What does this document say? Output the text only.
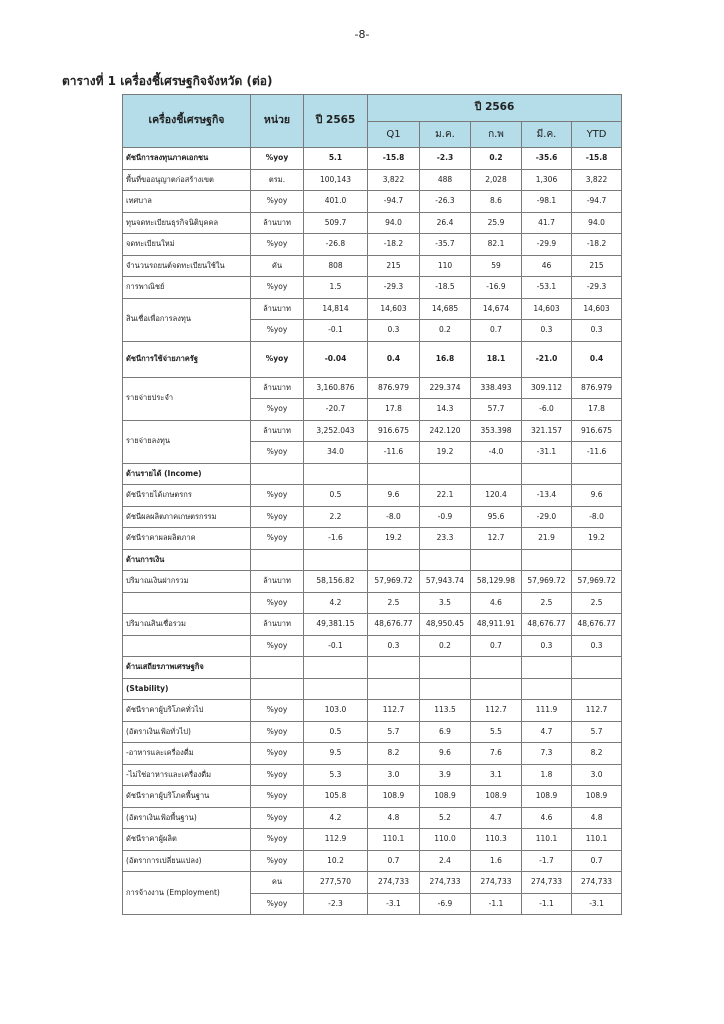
-8-
ตารางที่ 1 เครื่องชี้เศรษฐกิจจังหวัด (ต่อ)
เครื่องชี้เศรษฐกิจ	หน่วย	ปี 2565	ปี 2566					
			Q1	ม.ค.	ก.พ	มี.ค.	YTD	
ดัชนีการลงทุนภาคเอกชน	%yoy	5.1	-15.8	-2.3	0.2	-35.6	-15.8	
พื้นที่ขออนุญาตก่อสร้างเขต	ตรม.	100,143	3,822	488	2,028	1,306	3,822	
เทศบาล	%yoy	401.0	-94.7	-26.3	8.6	-98.1	-94.7	
ทุนจดทะเบียนธุรกิจนิติบุคคล	ล้านบาท	509.7	94.0	26.4	25.9	41.7	94.0	
จดทะเบียนใหม่	%yoy	-26.8	-18.2	-35.7	82.1	-29.9	-18.2	
จำนวนรถยนต์จดทะเบียนใช้ใน	คัน	808	215	110	59	46	215	
การพาณิชย์	%yoy	1.5	-29.3	-18.5	-16.9	-53.1	-29.3	
สินเชื่อเพื่อการลงทุน	ล้านบาท	14,814	14,603	14,685	14,674	14,603	14,603	
	%yoy	-0.1	0.3	0.2	0.7	0.3	0.3	
ดัชนีการใช้จ่ายภาครัฐ	%yoy	-0.04	0.4	16.8	18.1	-21.0	0.4	
รายจ่ายประจำ	ล้านบาท	3,160.876	876.979	229.374	338.493	309.112	876.979	
	%yoy	-20.7	17.8	14.3	57.7	-6.0	17.8	
รายจ่ายลงทุน	ล้านบาท	3,252.043	916.675	242.120	353.398	321.157	916.675	
	%yoy	34.0	-11.6	19.2	-4.0	-31.1	-11.6	
ด้านรายได้ (Income)								
ดัชนีรายได้เกษตรกร	%yoy	0.5	9.6	22.1	120.4	-13.4	9.6	
ดัชนีผลผลิตภาคเกษตรกรรม	%yoy	2.2	-8.0	-0.9	95.6	-29.0	-8.0	
ดัชนีราคาผลผลิตภาค	%yoy	-1.6	19.2	23.3	12.7	21.9	19.2	

ด้านการเงิน								
ปริมาณเงินฝากรวม	ล้านบาท	58,156.82	57,969.72	57,943.74	58,129.98	57,969.72	57,969.72	
	%yoy	4.2	2.5	3.5	4.6	2.5	2.5	
ปริมาณสินเชื่อรวม	ล้านบาท	49,381.15	48,676.77	48,950.45	48,911.91	48,676.77	48,676.77	
	%yoy	-0.1	0.3	0.2	0.7	0.3	0.3	
ด้านเสถียรภาพเศรษฐกิจ								
(Stability)								
ดัชนีราคาผู้บริโภคทั่วไป	%yoy	103.0	112.7	113.5	112.7	111.9	112.7	
(อัตราเงินเฟ้อทั่วไป)	%yoy	0.5	5.7	6.9	5.5	4.7	5.7	
-อาหารและเครื่องดื่ม	%yoy	9.5	8.2	9.6	7.6	7.3	8.2	
-ไม่ใช่อาหารและเครื่องดื่ม	%yoy	5.3	3.0	3.9	3.1	1.8	3.0	
ดัชนีราคาผู้บริโภคพื้นฐาน	%yoy	105.8	108.9	108.9	108.9	108.9	108.9	
(อัตราเงินเฟ้อพื้นฐาน)	%yoy	4.2	4.8	5.2	4.7	4.6	4.8	
ดัชนีราคาผู้ผลิต	%yoy	112.9	110.1	110.0	110.3	110.1	110.1	
(อัตราการเปลี่ยนแปลง)	%yoy	10.2	0.7	2.4	1.6	-1.7	0.7	
การจ้างงาน (Employment)	คน	277,570	274,733	274,733	274,733	274,733	274,733	
	%yoy	-2.3	-3.1	-6.9	-1.1	-1.1	-3.1	
